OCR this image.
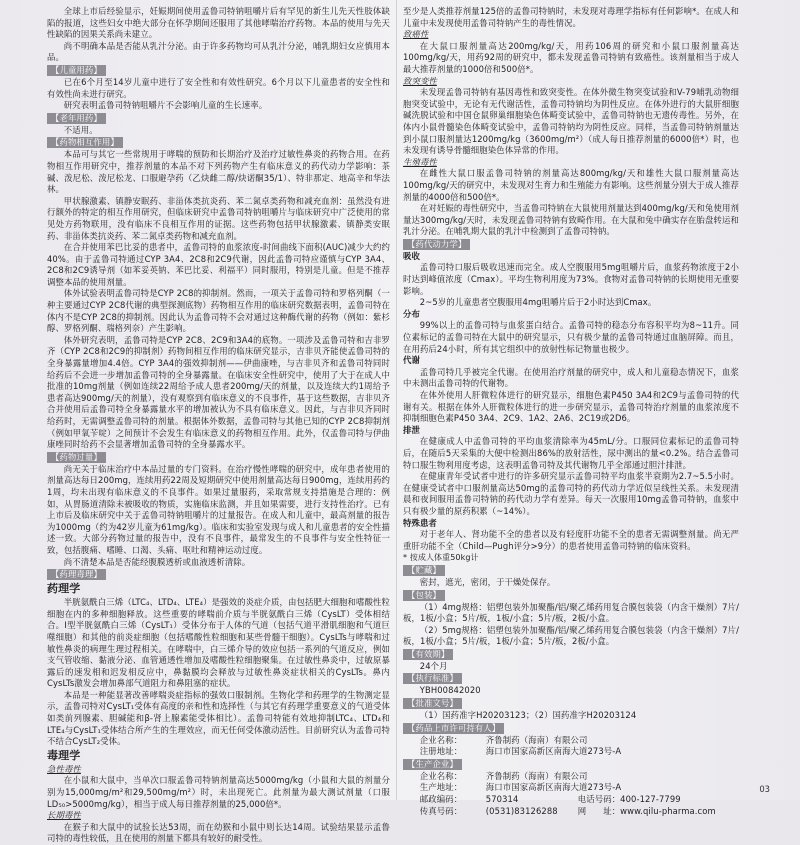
全球上市后经验显示，妊娠期间使用孟鲁司特钠咀嚼片后有罕见的新生儿先天性肢体缺陷的报道，这些妇女中绝大部分在怀孕期间还服用了其他哮喘治疗药物。本品的使用与先天性缺陷的因果关系尚未建立。

尚不明确本品是否能从乳汁分泌。由于许多药物均可从乳汁分泌，哺乳期妇女应慎用本品。

【儿童用药】

已在6个月至14岁儿童中进行了安全性和有效性研究。6个月以下儿童患者的安全性和有效性尚未进行研究。

研究表明孟鲁司特钠咀嚼片不会影响儿童的生长速率。

【老年用药】

不适用。

【药物相互作用】

本品可与其它一些常规用于哮喘的预防和长期治疗及治疗过敏性鼻炎的药物合用。在药物相互作用研究中，推荐剂量的本品不对下列药物产生有临床意义的药代动力学影响：茶碱、泼尼松、泼尼松龙、口服避孕药（乙炔雌二醇/炔诺酮35/1）、特非那定、地高辛和华法林。

甲状腺激素、镇静安眠药、非甾体类抗炎药、苯二氮卓类药物和减充血剂：虽然没有进行额外的特定的相互作用研究，但临床研究中孟鲁司特钠咀嚼片与临床研究中广泛使用的常见处方药物联用，没有临床不良相互作用的证据。这些药物包括甲状腺激素、镇静类安眠药、非甾体类抗炎药、苯二氮卓类药物和减充血剂。

在合并使用苯巴比妥的患者中，孟鲁司特的血浆浓度-时间曲线下面积(AUC)减少大约约40%。由于孟鲁司特通过CYP 3A4、2C8和2C9代谢，因此孟鲁司特应谨慎与CYP 3A4、2C8和2C9诱导剂（如苯妥英钠、苯巴比妥、利福平）同时服用，特别是儿童。但是不推荐调整本品的使用剂量。

体外试验表明孟鲁司特是CYP 2C8的抑制剂。然而，一项关于孟鲁司特和罗格列酮（一种主要通过CYP 2C8代谢的典型探测底物）药物相互作用的临床研究数据表明，孟鲁司特在体内不是CYP 2C8的抑制剂。因此认为孟鲁司特不会对通过这种酶代谢的药物（例如：紫杉醇、罗格列酮、瑞格列奈）产生影响。

体外研究表明，孟鲁司特是CYP 2C8、2C9和3A4的底物。一项涉及孟鲁司特和吉非罗齐（CYP 2C8和2C9的抑制剂）药物间相互作用的临床研究显示，吉非贝齐能使孟鲁司特的全身暴露量增加4.4倍。CYP 3A4的强效抑制剂——伊曲康唑，与吉非贝齐和孟鲁司特同时给药后不会进一步增加孟鲁司特的全身暴露量。在临床安全性研究中，使用了大于在成人中批准的10mg剂量（例如连续22周给予成人患者200mg/天的剂量，以及连续大约1周给予患者高达900mg/天的剂量），没有观察到有临床意义的不良事件，基于这些数据，吉非贝齐合并使用后孟鲁司特全身暴露量水平的增加被认为不具有临床意义。因此，与吉非贝齐同时给药时，无需调整孟鲁司特的剂量。根据体外数据，孟鲁司特与其他已知的CYP 2C8抑制剂（例如甲氧苄啶）之间预计不会发生有临床意义的药物相互作用。此外，仅孟鲁司特与伊曲康唑同时给药不会显著增加孟鲁司特的全身暴露水平。

【药物过量】

尚无关于临床治疗中本品过量的专门资料。在治疗慢性哮喘的研究中，成年患者使用的剂量高达每日200mg，连续用药22周及短期研究中使用剂量高达每日900mg，连续用药约1周，均未出现有临床意义的不良事件。如果过量服药，采取常规支持措施是合理的：例如，从胃肠道清除未被吸收的物质，实施临床监测，并且如果需要，进行支持性治疗。已有上市后及临床研究中关于孟鲁司特钠咀嚼片的过量报告。在成人和儿童中，最高剂量的报告为1000mg（约为42岁儿童为61mg/kg）。临床和实验室发现与成人和儿童患者的安全性描述一致。大部分药物过量的报告中，没有不良事件，最常发生的不良事件与安全性特征一致，包括腹痛、嗜睡、口渴、头痛、呕吐和精神运动过度。

尚不清楚本品是否能经腹膜透析或血液透析清除。

【药理毒理】
药理学

半胱氨酰白三烯（LTC₄、LTD₄、LTE₄）是强效的炎症介质，由包括肥大细胞和嗜酸性粒细胞在内的多种细胞释放。这些重要的哮喘前介质与半胱氨酰白三烯（CysLT）受体相结合。Ⅰ型半胱氨酰白三烯（CysLT₁）受体分布于人体的气道（包括气道平滑肌细胞和气道巨噬细胞）和其他的前炎症细胞（包括嗜酸性粒细胞和某些骨髓干细胞）。CysLTs与哮喘和过敏性鼻炎的病理生理过程相关。在哮喘中，白三烯介导的效应包括一系列的气道反应，例如支气管收缩、黏液分泌、血管通透性增加及嗜酸性粒细胞聚集。在过敏性鼻炎中，过敏原暴露后的速发相和迟发相反应中，鼻黏膜均会释放与过敏性鼻炎症状相关的CysLTs。鼻内CysLTs激发会增加鼻部气道阻力和鼻阻塞的症状。

本品是一种能显著改善哮喘炎症指标的强效口服制剂。生物化学和药理学的生物测定显示，孟鲁司特对CysLT₁受体有高度的亲和性和选择性（与其它有药理学重要意义的气道受体如类前列腺素、胆碱能和β-肾上腺素能受体相比）。孟鲁司特能有效地抑制LTC₄、LTD₄和LTE₄与CysLT₁受体结合所产生的生理效应，而无任何受体激动活性。目前研究认为孟鲁司特不结合CysLT₂受体。

毒理学
急性毒性

在小鼠和大鼠中，当单次口服孟鲁司特钠剂量高达5000mg/kg（小鼠和大鼠的剂量分别为15,000mg/m²和29,500mg/m²）时，未出现死亡。此剂量为最大测试剂量（口服LD₅₀>5000mg/kg），相当于成人每日推荐剂量的25,000倍*。

长期毒性

在猴子和大鼠中的试验长达53周，而在幼猴和小鼠中则长达14周。试验结果显示孟鲁司特的毒性较低，且在使用的剂量下都具有较好的耐受性。

至少是人类推荐剂量125倍的孟鲁司特钠时，未发现对毒理学指标有任何影响*。在成人和儿童中未发现使用孟鲁司特钠产生的毒性情况。

致癌性

在大鼠口服剂量高达200mg/kg/天，用药106周的研究和小鼠口服剂量高达100mg/kg/天，用药92周的研究中，都未发现孟鲁司特钠有致癌性。该剂量相当于成人最大推荐剂量的1000倍和500倍*。

致突变性

未发现孟鲁司特钠有基因毒性和致突变性。在体外微生物突变试验和V-79哺乳动物细胞突变试验中，无论有无代谢活性，孟鲁司特钠均为阴性反应。在体外进行的大鼠肝细胞碱洗脱试验和中国仓鼠卵巢细胞染色体畸变试验中，孟鲁司特钠也无遗传毒性。另外，在体内小鼠骨髓染色体畸变试验中，孟鲁司特钠均为阴性反应。同样，当孟鲁司特钠剂量达到小鼠口服剂量达1200mg/kg（3600mg/m²）（成人每日推荐剂量的6000倍*）时，也未发现有诱导骨髓细胞染色体异常的作用。

生殖毒性

在雌性大鼠口服孟鲁司特钠的剂量高达800mg/kg/天和雄性大鼠口服剂量高达100mg/kg/天的研究中，未发现对生育力和生殖能力有影响。这些剂量分别大于成人推荐剂量的4000倍和500倍*。

在对妊娠的毒性研究中，当孟鲁司特钠在大鼠使用剂量达到400mg/kg/天和兔使用剂量达300mg/kg/天时，未发现孟鲁司特钠有致畸作用。在大鼠和兔中确实存在胎盘转运和乳汁分泌。在哺乳期大鼠的乳汁中检测到了孟鲁司特钠。

【药代动力学】
吸收

孟鲁司特口服后吸收迅速而完全。成人空腹服用5mg咀嚼片后，血浆药物浓度于2小时达到峰值浓度（Cmax）。平均生物利用度为73%。食物对孟鲁司特钠的长期使用无重要影响。

2~5岁的儿童患者空腹服用4mg咀嚼片后于2小时达到Cmax。

分布

99%以上的孟鲁司特与血浆蛋白结合。孟鲁司特的稳态分布容积平均为8~11升。同位素标记的孟鲁司特在大鼠中的研究显示，只有极少量的孟鲁司特通过血脑屏障。而且，在用药后24小时，所有其它组织中的放射性标记物量也极少。

代谢

孟鲁司特几乎被完全代谢。在使用治疗剂量的研究中，成人和儿童稳态情况下，血浆中未测出孟鲁司特的代谢物。

在体外使用人肝微粒体进行的研究显示，细胞色素P450 3A4和2C9与孟鲁司特的代谢有关。根据在体外人肝微粒体进行的进一步研究显示，孟鲁司特治疗剂量的血浆浓度不抑制细胞色素P450 3A4、2C9、1A2、2A6、2C19或2D6。

排泄

在健康成人中孟鲁司特的平均血浆清除率为45mL/分。口服同位素标记的孟鲁司特后，在随后5天采集的大便中检测出86%的放射活性，尿中测出的量<0.2%。结合孟鲁司特口服生物利用度考虑，这表明孟鲁司特及其代谢物几乎全部通过胆汁排泄。

在健康青年受试者中进行的许多研究显示孟鲁司特平均血浆半衰期为2.7~5.5小时。在健康受试者中口服剂量高达50mg的孟鲁司特的药代动力学近似呈线性关系。未发现清晨和夜间服用孟鲁司特钠的药代动力学有差异。每天一次服用10mg孟鲁司特钠，血浆中只有极少量的原药积累（~14%）。

特殊患者

对于老年人、肾功能不全的患者以及有轻度肝功能不全的患者无需调整剂量。尚无严重肝功能不全（Child—Pugh评分>9分）的患者使用孟鲁司特钠的临床资料。

* 按成人体重50kg计
【贮藏】

密封，遮光，密闭，于干燥处保存。

【包装】

（1）4mg规格：铝塑包装外加聚酯/铝/聚乙烯药用复合膜包装袋（内含干燥剂）7片/板，1板/小盒；5片/板，1板/小盒；5片/板，2板/小盒。

（2）5mg规格：铝塑包装外加聚酯/铝/聚乙烯药用复合膜包装袋（内含干燥剂）7片/板，1板/小盒；5片/板，1板/小盒；5片/板，2板/小盒。

【有效期】

24个月

【执行标准】

YBH00842020

【批准文号】

（1）国药准字H20203123；（2）国药准字H20203124

【药品上市许可持有人】
企业名称：	齐鲁制药（海南）有限公司
注册地址：	海口市国家高新区南海大道273号-A
【生产企业】
企业名称：	齐鲁制药（海南）有限公司
生产地址：	海口市国家高新区南海大道273号-A
邮政编码：	570314	电话号码： 400-127-7799
传真号码：	(0531)83126288	网　　址： www.qilu-pharma.com
03
